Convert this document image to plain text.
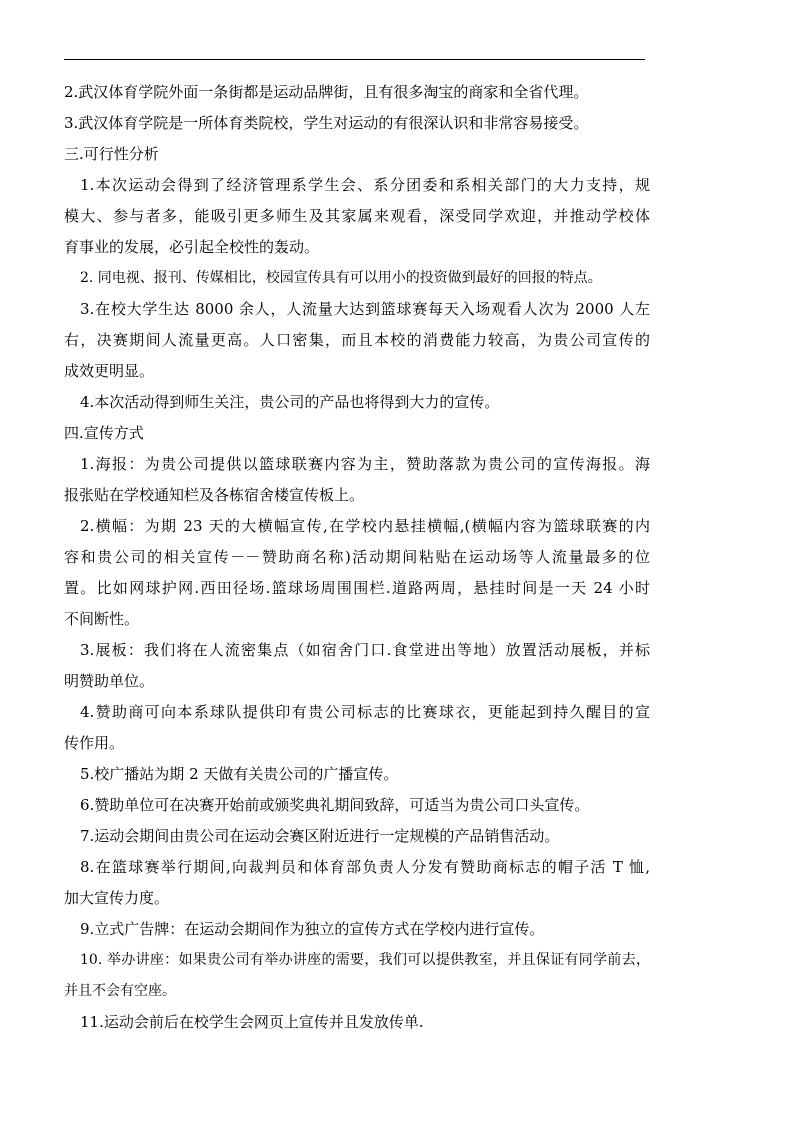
2.武汉体育学院外面一条街都是运动品牌街，且有很多淘宝的商家和全省代理。
3.武汉体育学院是一所体育类院校，学生对运动的有很深认识和非常容易接受。
三.可行性分析
1.本次运动会得到了经济管理系学生会、系分团委和系相关部门的大力支持，规
模大、参与者多，能吸引更多师生及其家属来观看，深受同学欢迎，并推动学校体
育事业的发展，必引起全校性的轰动。
2. 同电视、报刊、传媒相比，校园宣传具有可以用小的投资做到最好的回报的特点。
3.在校大学生达 8000 余人，人流量大达到篮球赛每天入场观看人次为 2000 人左
右，决赛期间人流量更高。人口密集，而且本校的消费能力较高，为贵公司宣传的
成效更明显。
4.本次活动得到师生关注，贵公司的产品也将得到大力的宣传。
四.宣传方式
1.海报：为贵公司提供以篮球联赛内容为主，赞助落款为贵公司的宣传海报。海
报张贴在学校通知栏及各栋宿舍楼宣传板上。
2.横幅：为期 23 天的大横幅宣传,在学校内悬挂横幅,(横幅内容为篮球联赛的内
容和贵公司的相关宣传－－赞助商名称)活动期间粘贴在运动场等人流量最多的位
置。比如网球护网.西田径场.篮球场周围围栏.道路两周，悬挂时间是一天 24 小时
不间断性。
3.展板：我们将在人流密集点（如宿舍门口.食堂进出等地）放置活动展板，并标
明赞助单位。
4.赞助商可向本系球队提供印有贵公司标志的比赛球衣，更能起到持久醒目的宣
传作用。
5.校广播站为期 2 天做有关贵公司的广播宣传。
6.赞助单位可在决赛开始前或颁奖典礼期间致辞，可适当为贵公司口头宣传。
7.运动会期间由贵公司在运动会赛区附近进行一定规模的产品销售活动。
8.在篮球赛举行期间,向裁判员和体育部负责人分发有赞助商标志的帽子活 T 恤,
加大宣传力度。
9.立式广告牌：在运动会期间作为独立的宣传方式在学校内进行宣传。
10. 举办讲座：如果贵公司有举办讲座的需要，我们可以提供教室，并且保证有同学前去，
并且不会有空座。
11.运动会前后在校学生会网页上宣传并且发放传单.
